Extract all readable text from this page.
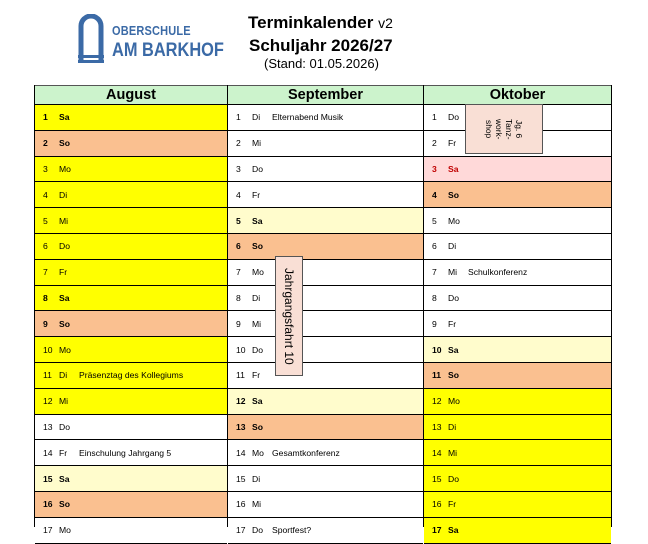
OBERSCHULE
AM BARKHOF
Terminkalender v2
Schuljahr 2026/27
(Stand: 01.05.2026)
August
1	Sa
2	So
3	Mo
4	Di
5	Mi
6	Do
7	Fr
8	Sa
9	So
10 Mo
11 Di	Präsenztag des Kollegiums
12 Mi
13 Do
14 Fr	Einschulung Jahrgang 5
15 Sa
16 So
17 Mo
September
1	Di	Elternabend Musik
2	Mi
3	Do
4	Fr
5	Sa
6	So
7	Mo
8	Di
9	Mi
10 Do
11 Fr
12 Sa
13 So
14 Mo Gesamtkonferenz
15 Di
16 Mi
17 Do	Sportfest?
Oktober
1	Do
2	Fr
3	Sa
4	So
5	Mo
6	Di
7	Mi	Schulkonferenz
8	Do
9	Fr
10 Sa
11 So
12 Mo
13 Di
14 Mi
15 Do
16 Fr
17 Sa
Jahrgangsfahrt 10
Jg. 6
Tanz-
work-
shop
